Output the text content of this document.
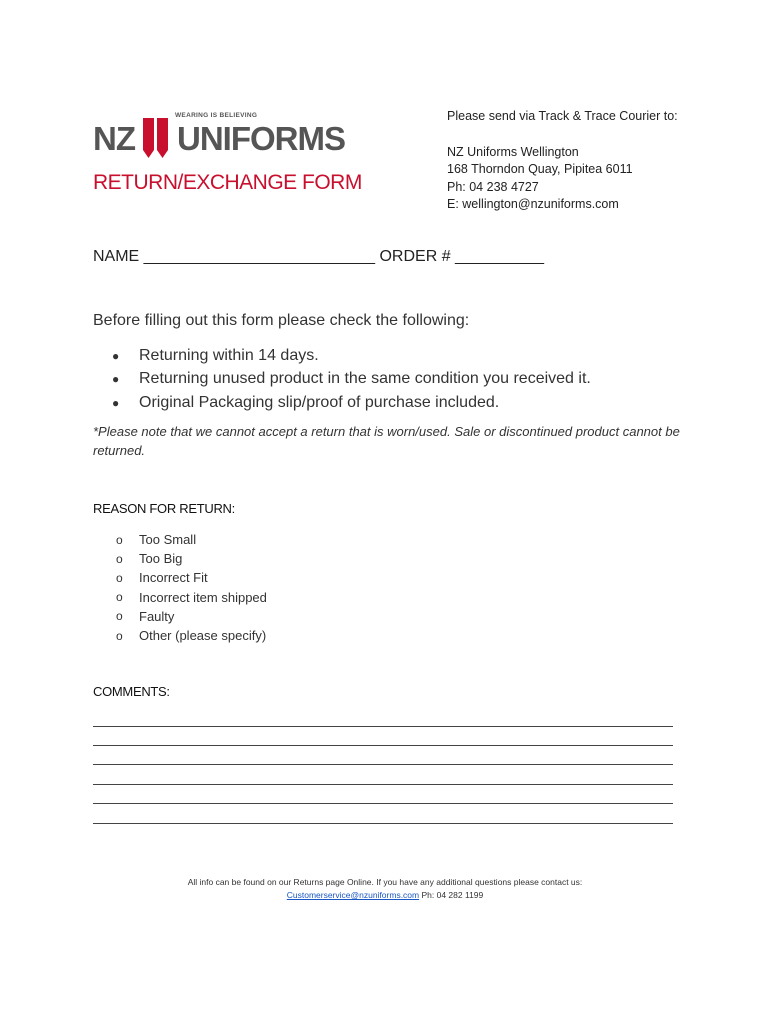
WEARING IS BELIEVING
NZ UNIFORMS
RETURN/EXCHANGE FORM
Please send via Track & Trace Courier to:
NZ Uniforms Wellington
168 Thorndon Quay, Pipitea 6011
Ph: 04 238 4727
E: wellington@nzuniforms.com
NAME __________________________ ORDER # __________
Before filling out this form please check the following:
●	Returning within 14 days.
●	Returning unused product in the same condition you received it.
●	Original Packaging slip/proof of purchase included.
*Please note that we cannot accept a return that is worn/used. Sale or discontinued product cannot be returned.
REASON FOR RETURN:
o	Too Small
o	Too Big
o	Incorrect Fit
o	Incorrect item shipped
o	Faulty
o	Other (please specify)
COMMENTS:
All info can be found on our Returns page Online. If you have any additional questions please contact us:
Customerservice@nzuniforms.com Ph: 04 282 1199
